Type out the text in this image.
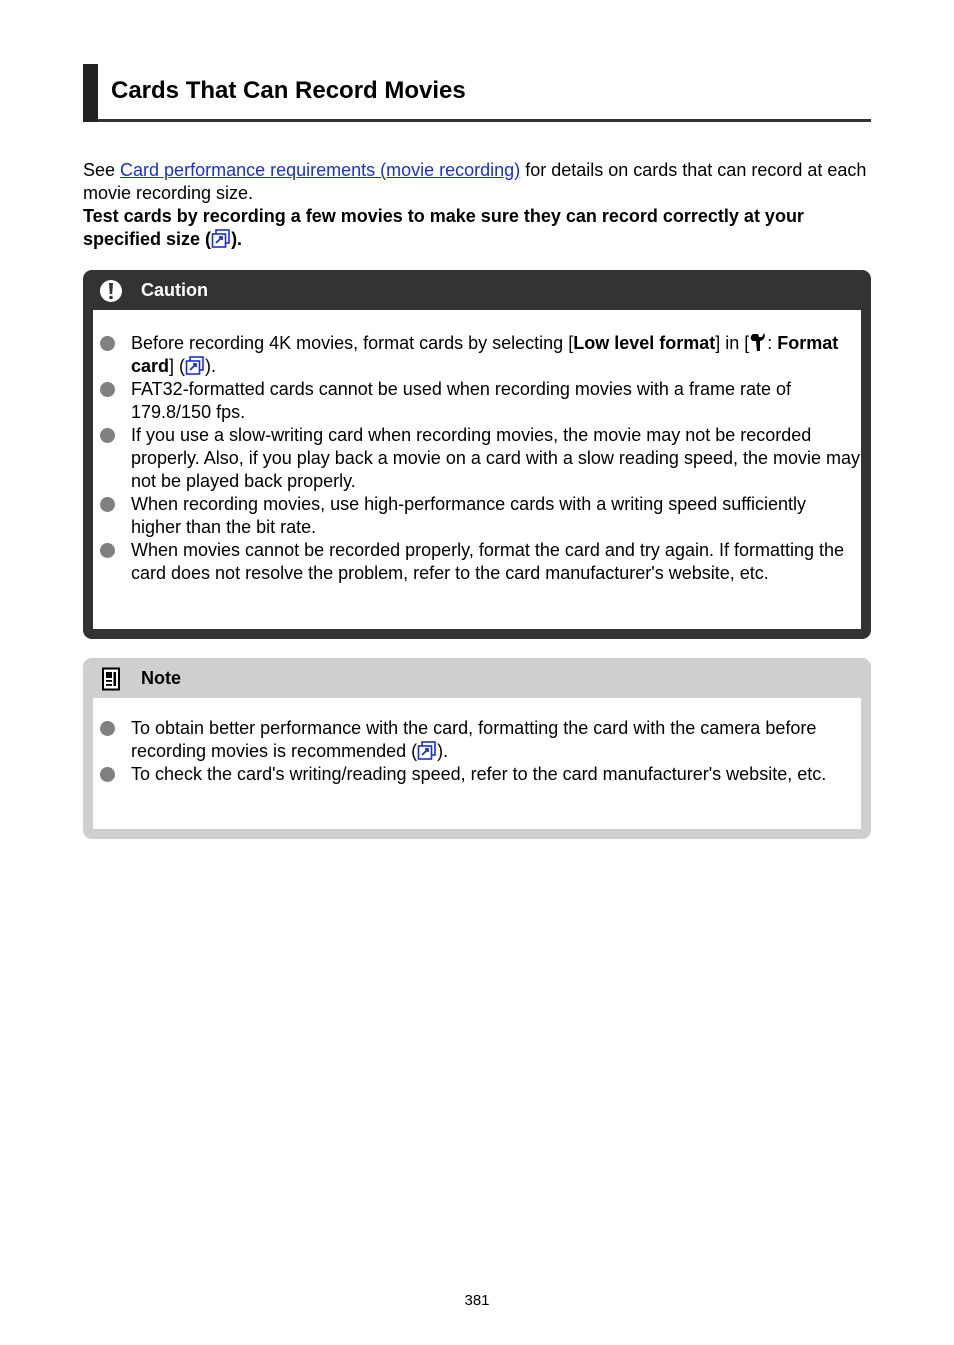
Cards That Can Record Movies
See Card performance requirements (movie recording) for details on cards that can record at each movie recording size.
Test cards by recording a few movies to make sure they can record correctly at your specified size ( ).
Caution
Before recording 4K movies, format cards by selecting [Low level format] in [ : Format card] ( ).
FAT32-formatted cards cannot be used when recording movies with a frame rate of 179.8/150 fps.
If you use a slow-writing card when recording movies, the movie may not be recorded properly. Also, if you play back a movie on a card with a slow reading speed, the movie may not be played back properly.
When recording movies, use high-performance cards with a writing speed sufficiently higher than the bit rate.
When movies cannot be recorded properly, format the card and try again. If formatting the card does not resolve the problem, refer to the card manufacturer's website, etc.
Note
To obtain better performance with the card, formatting the card with the camera before recording movies is recommended ( ).
To check the card's writing/reading speed, refer to the card manufacturer's website, etc.
381
